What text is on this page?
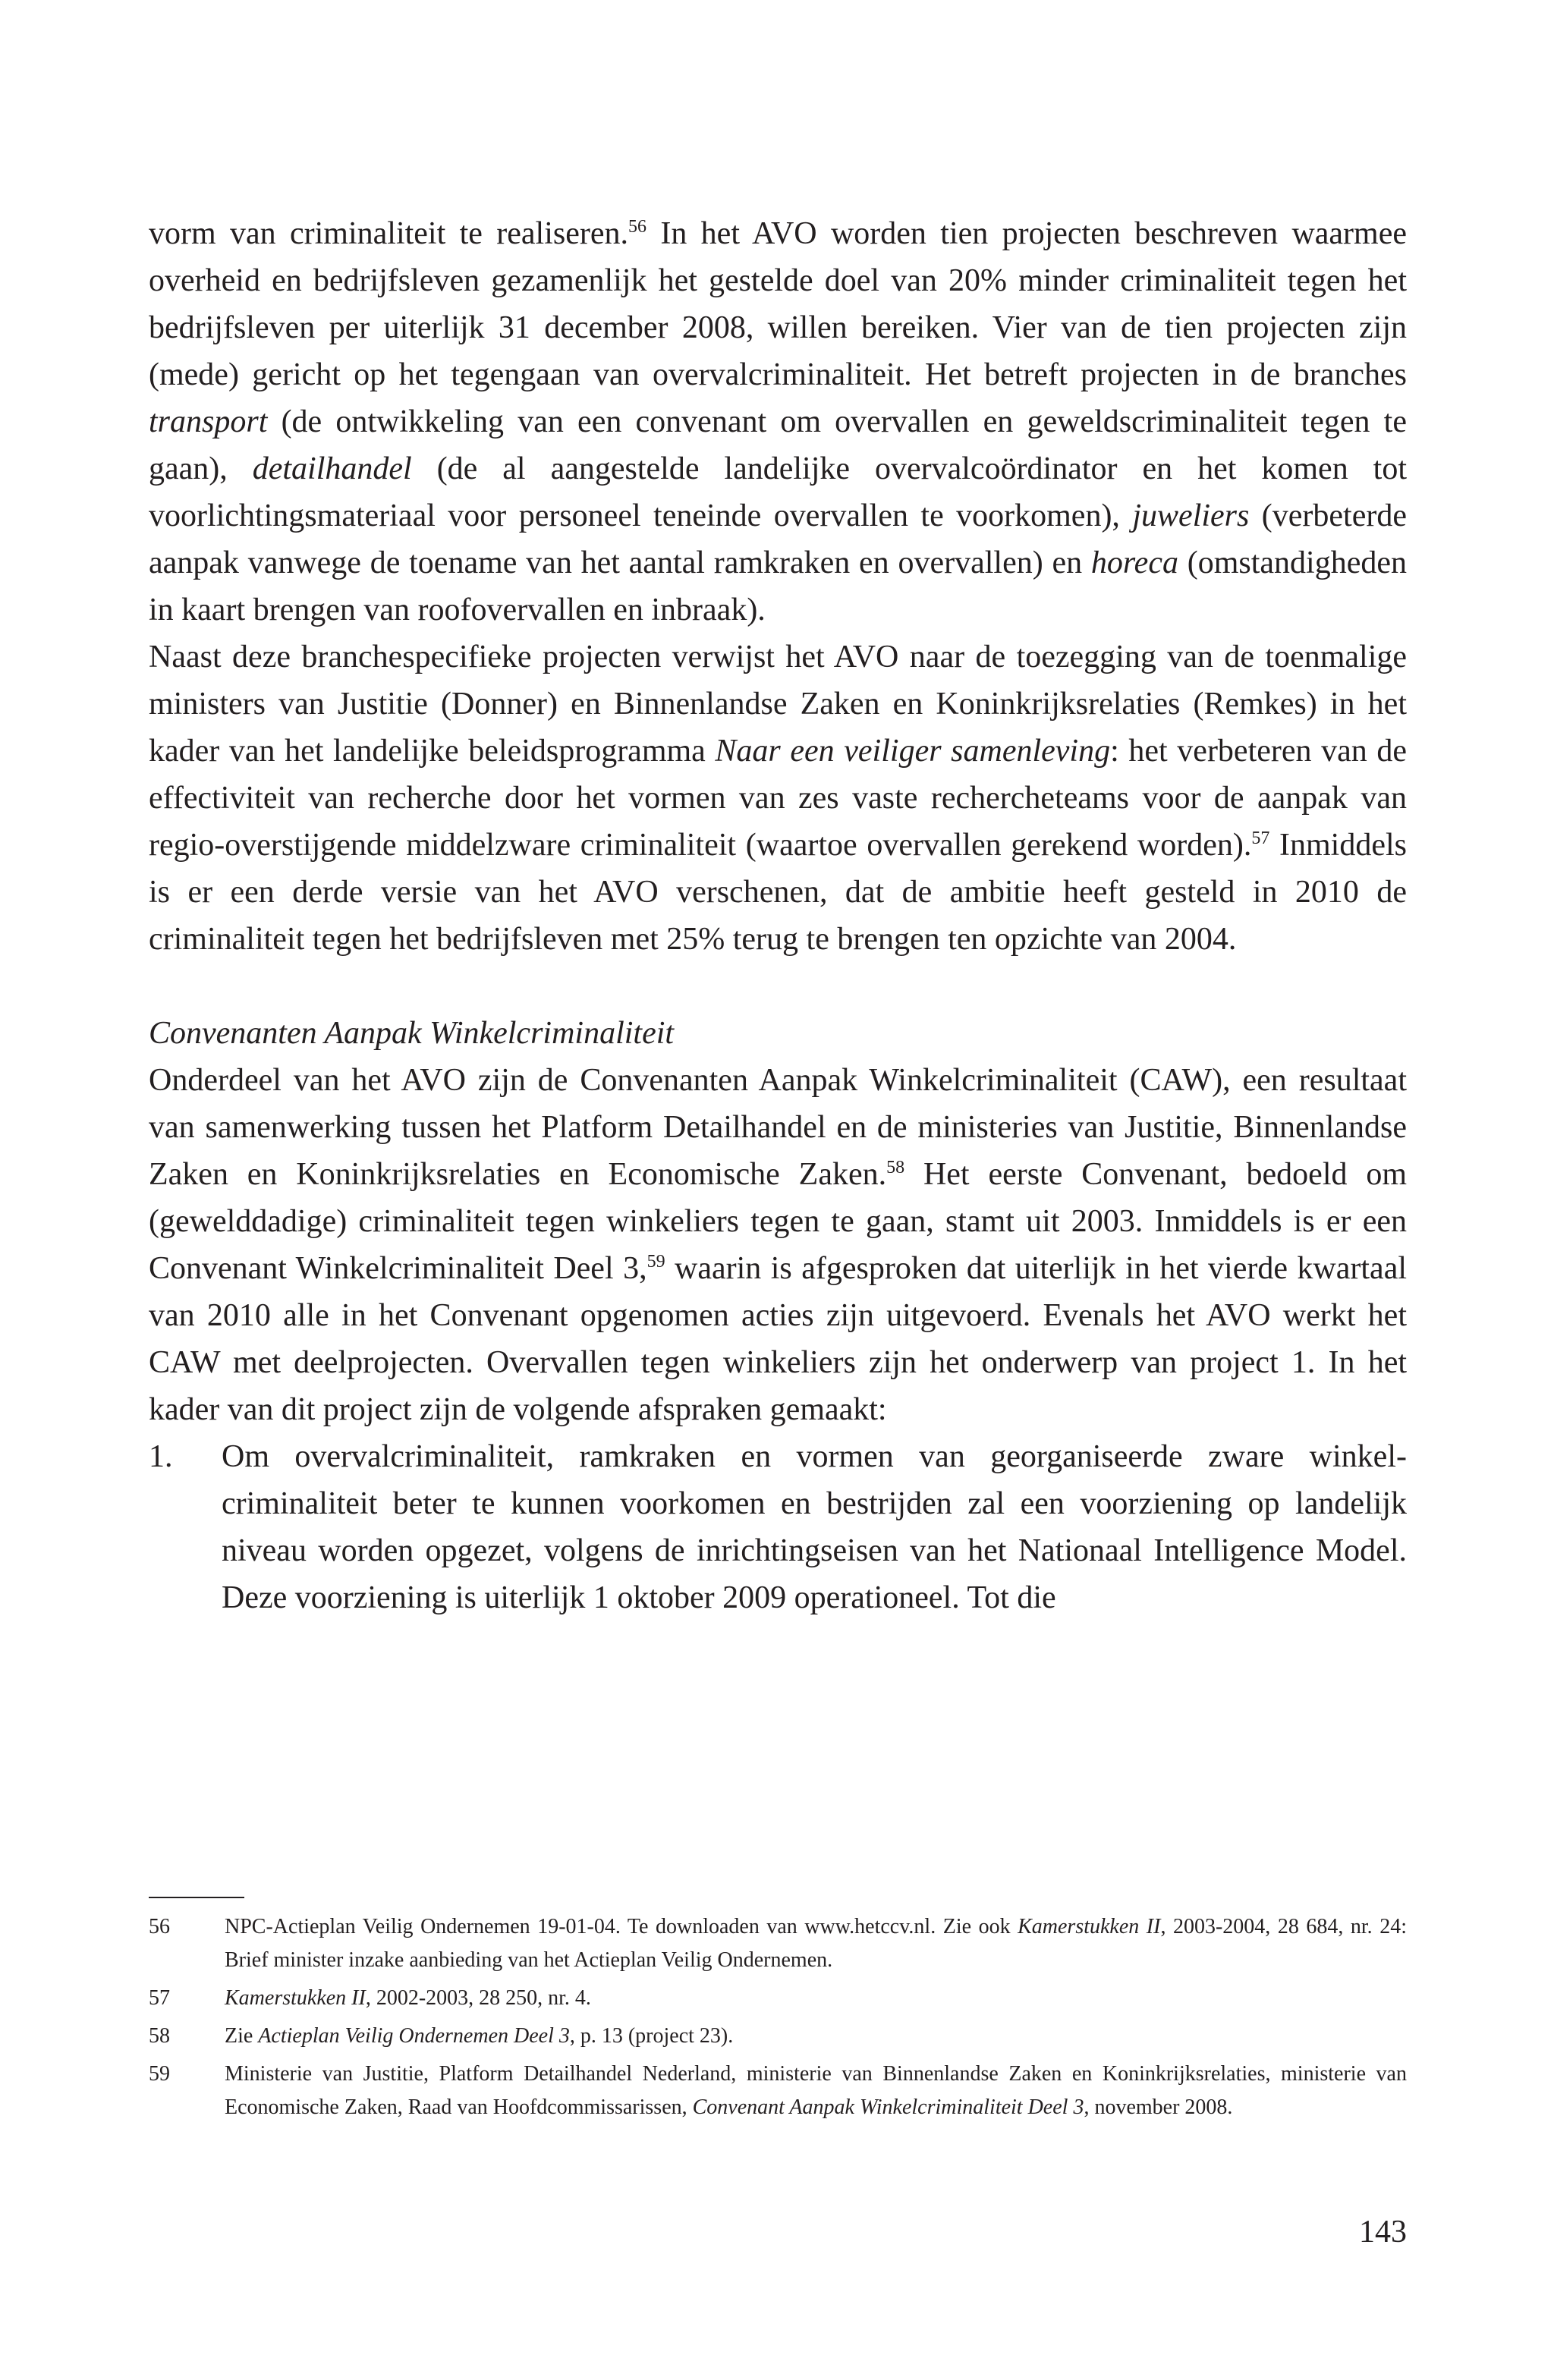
vorm van criminaliteit te realiseren.$^{56}$ In het AVO worden tien projecten beschreven waarmee overheid en bedrijfsleven gezamenlijk het gestelde doel van 20% minder criminaliteit tegen het bedrijfsleven per uiterlijk 31 december 2008, willen bereiken. Vier van de tien projecten zijn (mede) gericht op het tegengaan van overvalcriminaliteit. Het betreft projecten in de branches transport (de ontwikkeling van een convenant om overvallen en geweldscriminaliteit tegen te gaan), detailhandel (de al aangestelde landelijke overvalcoördinator en het komen tot voorlichtingsmateriaal voor personeel teneinde overvallen te voorkomen), juweliers (verbeterde aanpak vanwege de toename van het aantal ramkraken en overvallen) en horeca (omstandigheden in kaart brengen van roofovervallen en inbraak).

Naast deze branchespecifieke projecten verwijst het AVO naar de toezegging van de toenmalige ministers van Justitie (Donner) en Binnenlandse Zaken en Koninkrijksrelaties (Remkes) in het kader van het landelijke beleidsprogramma Naar een veiliger samenleving: het verbeteren van de effectiviteit van recherche door het vormen van zes vaste rechercheteams voor de aanpak van regio-overstijgende middelzware criminaliteit (waartoe overvallen gerekend worden).$^{57}$ Inmiddels is er een derde versie van het AVO verschenen, dat de ambitie heeft gesteld in 2010 de criminaliteit tegen het bedrijfsleven met 25% terug te brengen ten opzichte van 2004.

Convenanten Aanpak Winkelcriminaliteit

Onderdeel van het AVO zijn de Convenanten Aanpak Winkelcriminaliteit (CAW), een resultaat van samenwerking tussen het Platform Detailhandel en de ministeries van Justitie, Binnenlandse Zaken en Koninkrijksrelaties en Economische Zaken.$^{58}$ Het eerste Convenant, bedoeld om (gewelddadige) criminaliteit tegen winkeliers tegen te gaan, stamt uit 2003. Inmiddels is er een Convenant Winkelcriminaliteit Deel 3,59 waarin is afgesproken dat uiterlijk in het vierde kwartaal van 2010 alle in het Convenant opgenomen acties zijn uitgevoerd. Evenals het AVO werkt het CAW met deelprojecten. Overvallen tegen winkeliers zijn het onderwerp van project 1. In het kader van dit project zijn de volgende afspraken gemaakt:

1. Om overvalcriminaliteit, ramkraken en vormen van georganiseerde zware winkelcriminaliteit beter te kunnen voorkomen en bestrijden zal een voorziening op landelijk niveau worden opgezet, volgens de inrichtingseisen van het Nationaal Intelligence Model. Deze voorziening is uiterlijk 1 oktober 2009 operationeel. Tot die

56	NPC-Actieplan Veilig Ondernemen 19-01-04. Te downloaden van www.hetccv.nl. Zie ook Kamerstukken II, 2003-2004, 28 684, nr. 24: Brief minister inzake aanbieding van het Actieplan Veilig Ondernemen.
57	Kamerstukken II, 2002-2003, 28 250, nr. 4.
58	Zie Actieplan Veilig Ondernemen Deel 3, p. 13 (project 23).
59	Ministerie van Justitie, Platform Detailhandel Nederland, ministerie van Binnenlandse Zaken en Koninkrijksrelaties, ministerie van Economische Zaken, Raad van Hoofdcommissarissen, Convenant Aanpak Winkelcriminaliteit Deel 3, november 2008.
143
